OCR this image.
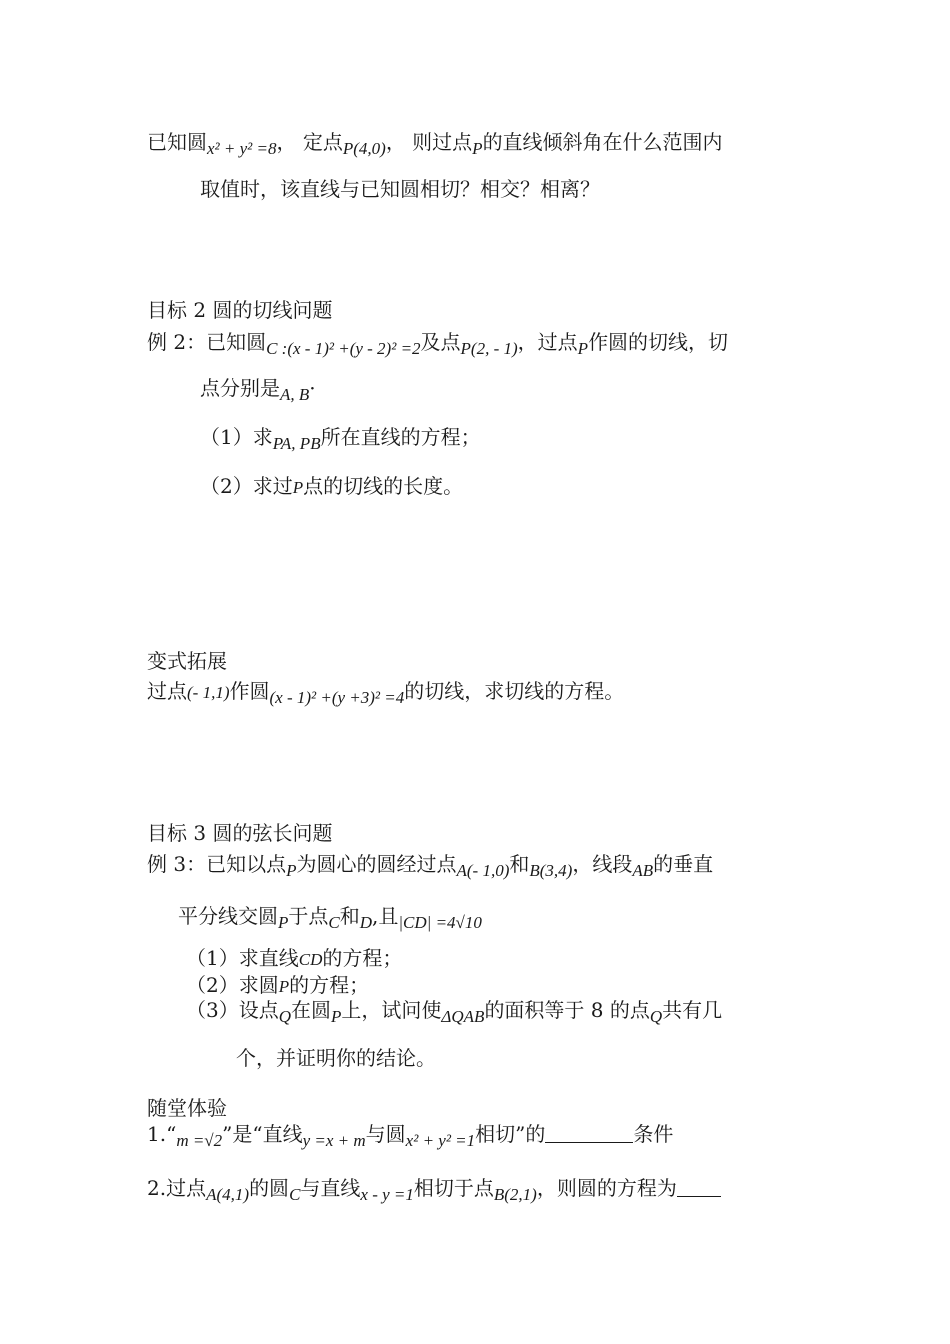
已知圆$_{x^2 + y^2 =8}$， 定点$_{P(4,0)}$， 则过点$_P$的直线倾斜角在什么范围内
取值时，该直线与已知圆相切？相交？相离？
目标 2 圆的切线问题
例 2：已知圆$_{C :(x - 1)^2 +(y - 2)^2 =2}$及点$_{P(2, - 1)}$，过点$_P$作圆的切线，切
点分别是$_{A, B}$·
（1）求$_{PA, PB}$所在直线的方程；
（2）求过P点的切线的长度。
变式拓展
过点(- 1,1)作圆$_{(x - 1)^2 +(y +3)^2 =4}$的切线，求切线的方程。
目标 3 圆的弦长问题
例 3：已知以点$_P$为圆心的圆经过点$_{A(- 1,0)}$和$_{B(3,4)}$，线段$_{AB}$的垂直
平分线交圆$_P$于点$_C$和$_D$,且$_{|CD| =4√10}$
（1）求直线CD的方程；
（2）求圆P的方程；
（3）设点$_Q$在圆$_P$上，试问使$_{\Delta QAB}$的面积等于 8 的点$_Q$共有几
个，并证明你的结论。
随堂体验
$1.“_{m =√2}$”是“直线$_{y =x + m}$与圆$_{x^2 + y^2 =1}$相切”的	条件
2.过点$_{A(4,1)}$的圆$_C$与直线$_{x - y =1}$相切于点$_{B(2,1)}$，则圆的方程为
